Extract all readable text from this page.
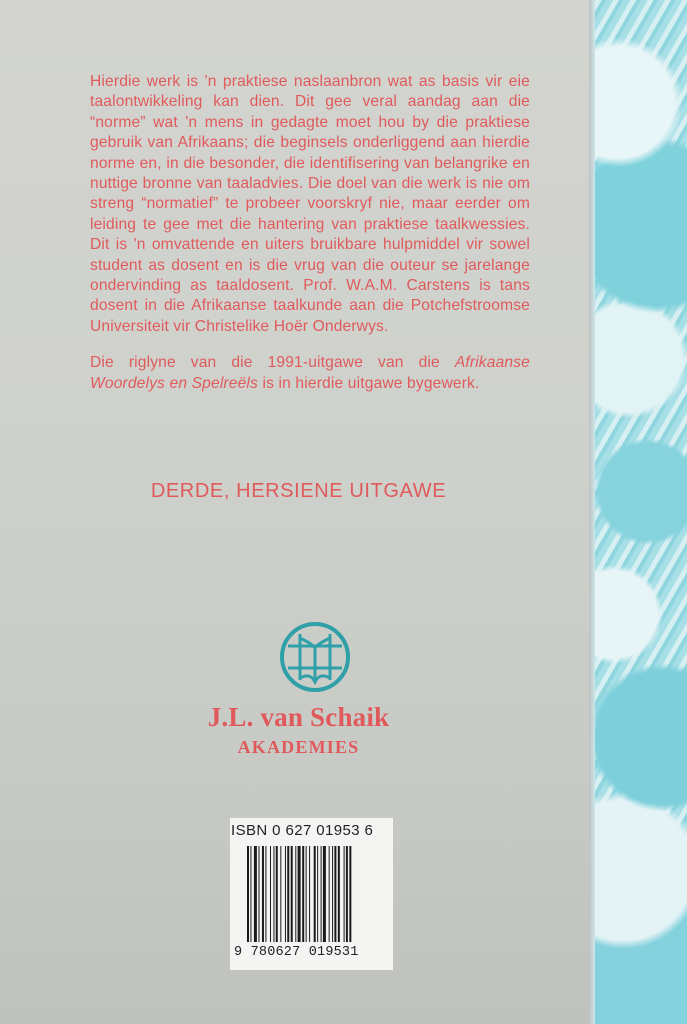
Hierdie werk is 'n praktiese naslaanbron wat as basis vir eie taalontwikkeling kan dien. Dit gee veral aandag aan die “norme” wat 'n mens in gedagte moet hou by die praktiese gebruik van Afrikaans; die beginsels onderliggend aan hierdie norme en, in die besonder, die identifisering van belangrike en nuttige bronne van taaladvies. Die doel van die werk is nie om streng “normatief” te probeer voorskryf nie, maar eerder om leiding te gee met die hantering van praktiese taalkwessies. Dit is 'n omvattende en uiters bruikbare hulpmiddel vir sowel student as dosent en is die vrug van die outeur se jarelange ondervinding as taaldosent. Prof. W.A.M. Carstens is tans dosent in die Afrikaanse taalkunde aan die Potchefstroomse Universiteit vir Christelike Hoër Onderwys.

Die riglyne van die 1991-uitgawe van die Afrikaanse Woordelys en Spelreëls is in hierdie uitgawe bygewerk.

DERDE, HERSIENE UITGAWE
J.L. van Schaik
AKADEMIES
ISBN 0 627 01953 6
9 780627 019531
